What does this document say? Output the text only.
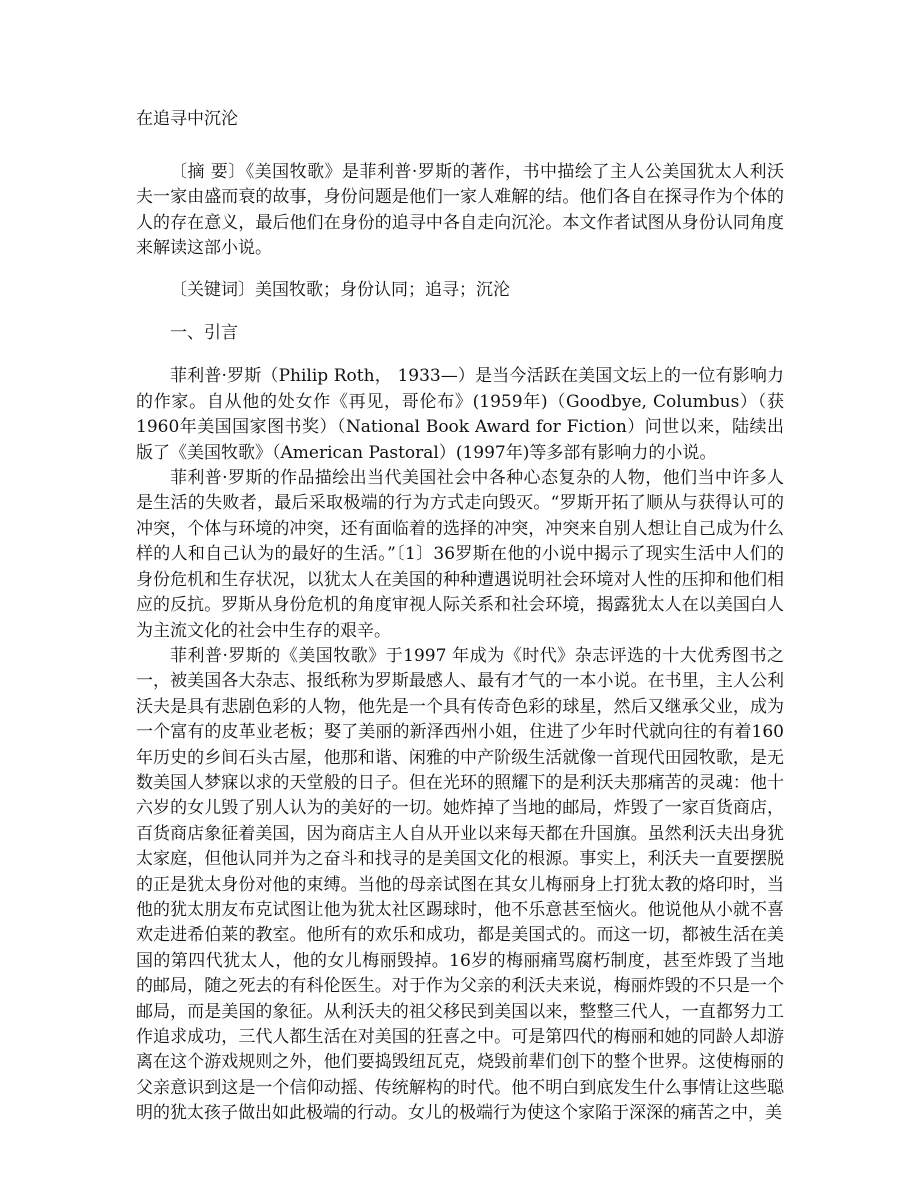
在追寻中沉沦

〔摘 要〕《美国牧歌》是菲利普·罗斯的著作，书中描绘了主人公美国犹太人利沃夫一家由盛而衰的故事，身份问题是他们一家人难解的结。他们各自在探寻作为个体的人的存在意义，最后他们在身份的追寻中各自走向沉沦。本文作者试图从身份认同角度来解读这部小说。

〔关键词〕美国牧歌；身份认同；追寻；沉沦

一、引言

菲利普·罗斯（Philip Roth， 1933—）是当今活跃在美国文坛上的一位有影响力的作家。自从他的处女作《再见，哥伦布》(1959年)（Goodbye, Columbus）（获1960年美国国家图书奖）（National Book Award for Fiction）问世以来，陆续出版了《美国牧歌》（American Pastoral）(1997年)等多部有影响力的小说。

菲利普·罗斯的作品描绘出当代美国社会中各种心态复杂的人物，他们当中许多人是生活的失败者，最后采取极端的行为方式走向毁灭。“罗斯开拓了顺从与获得认可的冲突，个体与环境的冲突，还有面临着的选择的冲突，冲突来自别人想让自己成为什么样的人和自己认为的最好的生活。”〔1〕36罗斯在他的小说中揭示了现实生活中人们的身份危机和生存状况，以犹太人在美国的种种遭遇说明社会环境对人性的压抑和他们相应的反抗。罗斯从身份危机的角度审视人际关系和社会环境，揭露犹太人在以美国白人为主流文化的社会中生存的艰辛。

菲利普·罗斯的《美国牧歌》于1997 年成为《时代》杂志评选的十大优秀图书之一，被美国各大杂志、报纸称为罗斯最感人、最有才气的一本小说。在书里，主人公利沃夫是具有悲剧色彩的人物，他先是一个具有传奇色彩的球星，然后又继承父业，成为一个富有的皮革业老板；娶了美丽的新泽西州小姐，住进了少年时代就向往的有着160年历史的乡间石头古屋，他那和谐、闲雅的中产阶级生活就像一首现代田园牧歌，是无数美国人梦寐以求的天堂般的日子。但在光环的照耀下的是利沃夫那痛苦的灵魂：他十六岁的女儿毁了别人认为的美好的一切。她炸掉了当地的邮局，炸毁了一家百货商店，百货商店象征着美国，因为商店主人自从开业以来每天都在升国旗。虽然利沃夫出身犹太家庭，但他认同并为之奋斗和找寻的是美国文化的根源。事实上，利沃夫一直要摆脱的正是犹太身份对他的束缚。当他的母亲试图在其女儿梅丽身上打犹太教的烙印时，当他的犹太朋友布克试图让他为犹太社区踢球时，他不乐意甚至恼火。他说他从小就不喜欢走进希伯莱的教室。他所有的欢乐和成功，都是美国式的。而这一切，都被生活在美国的第四代犹太人，他的女儿梅丽毁掉。16岁的梅丽痛骂腐朽制度，甚至炸毁了当地的邮局，随之死去的有科伦医生。对于作为父亲的利沃夫来说，梅丽炸毁的不只是一个邮局，而是美国的象征。从利沃夫的祖父移民到美国以来，整整三代人，一直都努力工作追求成功，三代人都生活在对美国的狂喜之中。可是第四代的梅丽和她的同龄人却游离在这个游戏规则之外，他们要捣毁纽瓦克，烧毁前辈们创下的整个世界。这使梅丽的父亲意识到这是一个信仰动摇、传统解构的时代。他不明白到底发生什么事情让这些聪明的犹太孩子做出如此极端的行动。女儿的极端行为使这个家陷于深深的痛苦之中，美
